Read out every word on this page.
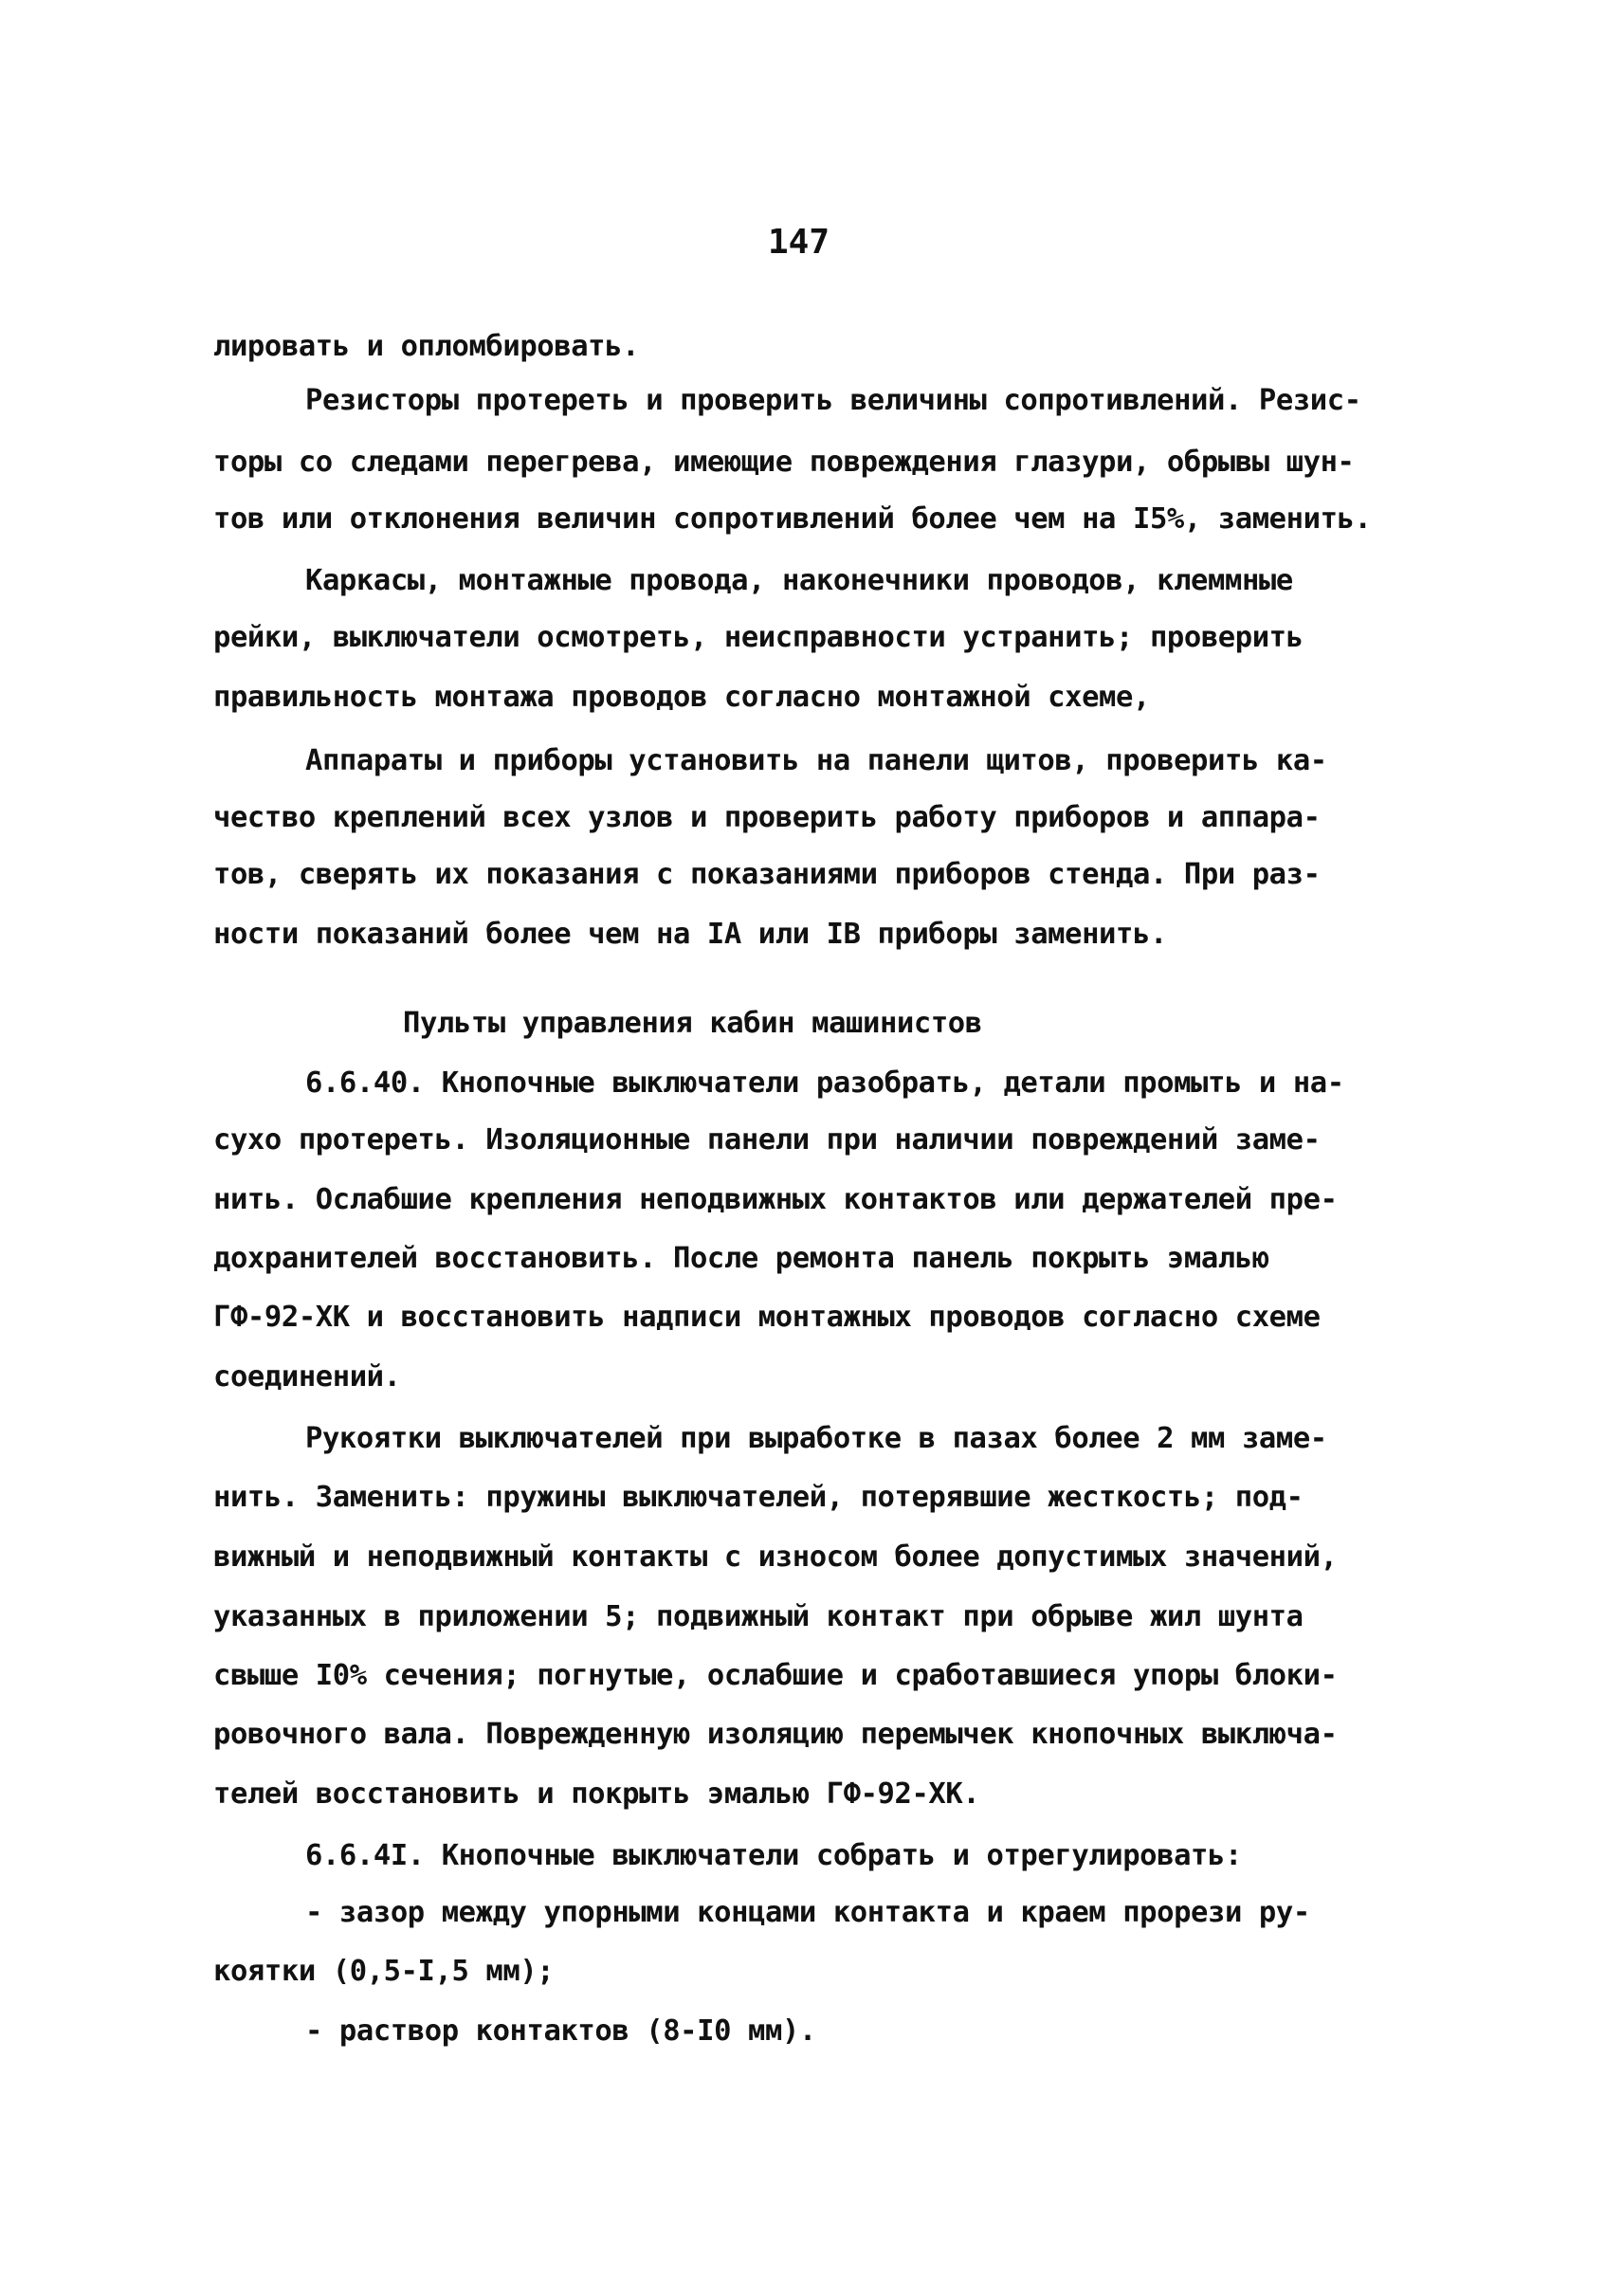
147
лировать и опломбировать.
Резисторы протереть и проверить величины сопротивлений. Резис-
торы со следами перегрева, имеющие повреждения глазури, обрывы шун-
тов или отклонения величин сопротивлений более чем на I5%, заменить.
Каркасы, монтажные провода, наконечники проводов, клеммные
рейки, выключатели осмотреть, неисправности устранить; проверить
правильность монтажа проводов согласно монтажной схеме,
Аппараты и приборы установить на панели щитов, проверить ка-
чество креплений всех узлов и проверить работу приборов и аппара-
тов, сверять их показания с показаниями приборов стенда. При раз-
ности показаний более чем на IA или IB приборы заменить.
Пульты управления кабин машинистов
6.6.40. Кнопочные выключатели разобрать, детали промыть и на-
сухо протереть. Изоляционные панели при наличии повреждений заме-
нить. Ослабшие крепления неподвижных контактов или держателей пре-
дохранителей восстановить. После ремонта панель покрыть эмалью
ГФ-92-ХК и восстановить надписи монтажных проводов согласно схеме
соединений.
Рукоятки выключателей при выработке в пазах более 2 мм заме-
нить. Заменить: пружины выключателей, потерявшие жесткость; под-
вижный и неподвижный контакты с износом более допустимых значений,
указанных в приложении 5; подвижный контакт при обрыве жил шунта
свыше I0% сечения; погнутые, ослабшие и сработавшиеся упоры блоки-
ровочного вала. Поврежденную изоляцию перемычек кнопочных выключа-
телей восстановить и покрыть эмалью ГФ-92-ХК.
6.6.4I. Кнопочные выключатели собрать и отрегулировать:
- зазор между упорными концами контакта и краем прорези ру-
коятки (0,5-I,5 мм);
- раствор контактов (8-I0 мм).
